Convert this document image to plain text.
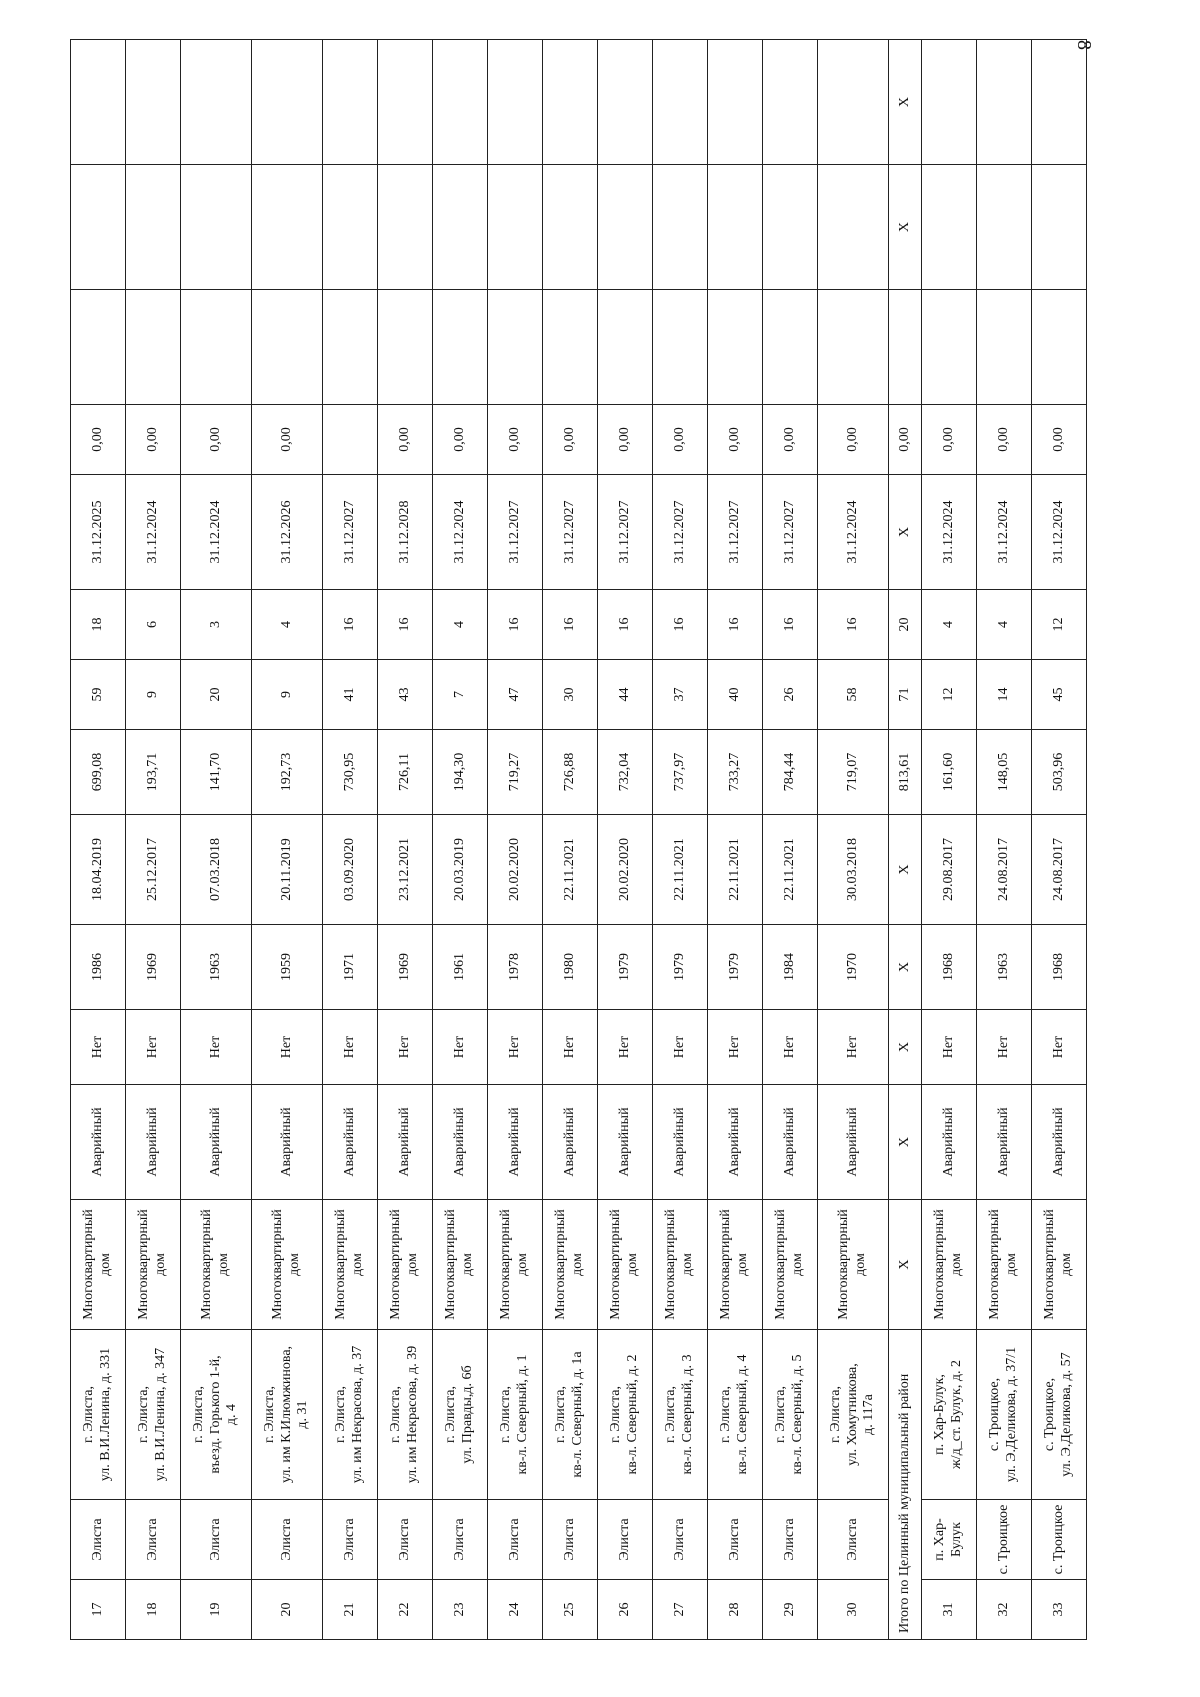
8
17	Элиста	г. Элиста, ул. В.И.Ленина, д. 331	Многоквартирный дом	Аварийный	Нет	1986	18.04.2019	699,08	59	18	31.12.2025	0,00			
18	Элиста	г. Элиста, ул. В.И.Ленина, д. 347	Многоквартирный дом	Аварийный	Нет	1969	25.12.2017	193,71	9	6	31.12.2024	0,00			
19	Элиста	г. Элиста, въезд. Горького 1-й, д. 4	Многоквартирный дом	Аварийный	Нет	1963	07.03.2018	141,70	20	3	31.12.2024	0,00			
20	Элиста	г. Элиста, ул. им К.Илюмжинова, д. 31	Многоквартирный дом	Аварийный	Нет	1959	20.11.2019	192,73	9	4	31.12.2026	0,00			
21	Элиста	г. Элиста, ул. им Некрасова, д. 37	Многоквартирный дом	Аварийный	Нет	1971	03.09.2020	730,95	41	16	31.12.2027				
22	Элиста	г. Элиста, ул. им Некрасова, д. 39	Многоквартирный дом	Аварийный	Нет	1969	23.12.2021	726,11	43	16	31.12.2028	0,00			
23	Элиста	г. Элиста, ул. Правды,д. 6б	Многоквартирный дом	Аварийный	Нет	1961	20.03.2019	194,30	7	4	31.12.2024	0,00			
24	Элиста	г. Элиста, кв-л. Северный, д. 1	Многоквартирный дом	Аварийный	Нет	1978	20.02.2020	719,27	47	16	31.12.2027	0,00			
25	Элиста	г. Элиста, кв-л. Северный, д. 1а	Многоквартирный дом	Аварийный	Нет	1980	22.11.2021	726,88	30	16	31.12.2027	0,00			
26	Элиста	г. Элиста, кв-л. Северный, д. 2	Многоквартирный дом	Аварийный	Нет	1979	20.02.2020	732,04	44	16	31.12.2027	0,00			
27	Элиста	г. Элиста, кв-л. Северный, д. 3	Многоквартирный дом	Аварийный	Нет	1979	22.11.2021	737,97	37	16	31.12.2027	0,00			
28	Элиста	г. Элиста, кв-л. Северный, д. 4	Многоквартирный дом	Аварийный	Нет	1979	22.11.2021	733,27	40	16	31.12.2027	0,00			
29	Элиста	г. Элиста, кв-л. Северный, д. 5	Многоквартирный дом	Аварийный	Нет	1984	22.11.2021	784,44	26	16	31.12.2027	0,00			
30	Элиста	г. Элиста, ул. Хомутникова, д. 117а	Многоквартирный дом	Аварийный	Нет	1970	30.03.2018	719,07	58	16	31.12.2024	0,00			
Итого по Целинный муниципальный район			Х	Х	Х	Х	Х	813,61	71	20	Х	0,00		Х	Х
31	п. Хар-Булук	п. Хар-Булук, ж/д_ст. Булук, д. 2	Многоквартирный дом	Аварийный	Нет	1968	29.08.2017	161,60	12	4	31.12.2024	0,00			
32	с. Троицкое	с. Троицкое, ул. Э.Деликова, д. 37/1	Многоквартирный дом	Аварийный	Нет	1963	24.08.2017	148,05	14	4	31.12.2024	0,00			
33	с. Троицкое	с. Троицкое, ул. Э.Деликова, д. 57	Многоквартирный дом	Аварийный	Нет	1968	24.08.2017	503,96	45	12	31.12.2024	0,00			
